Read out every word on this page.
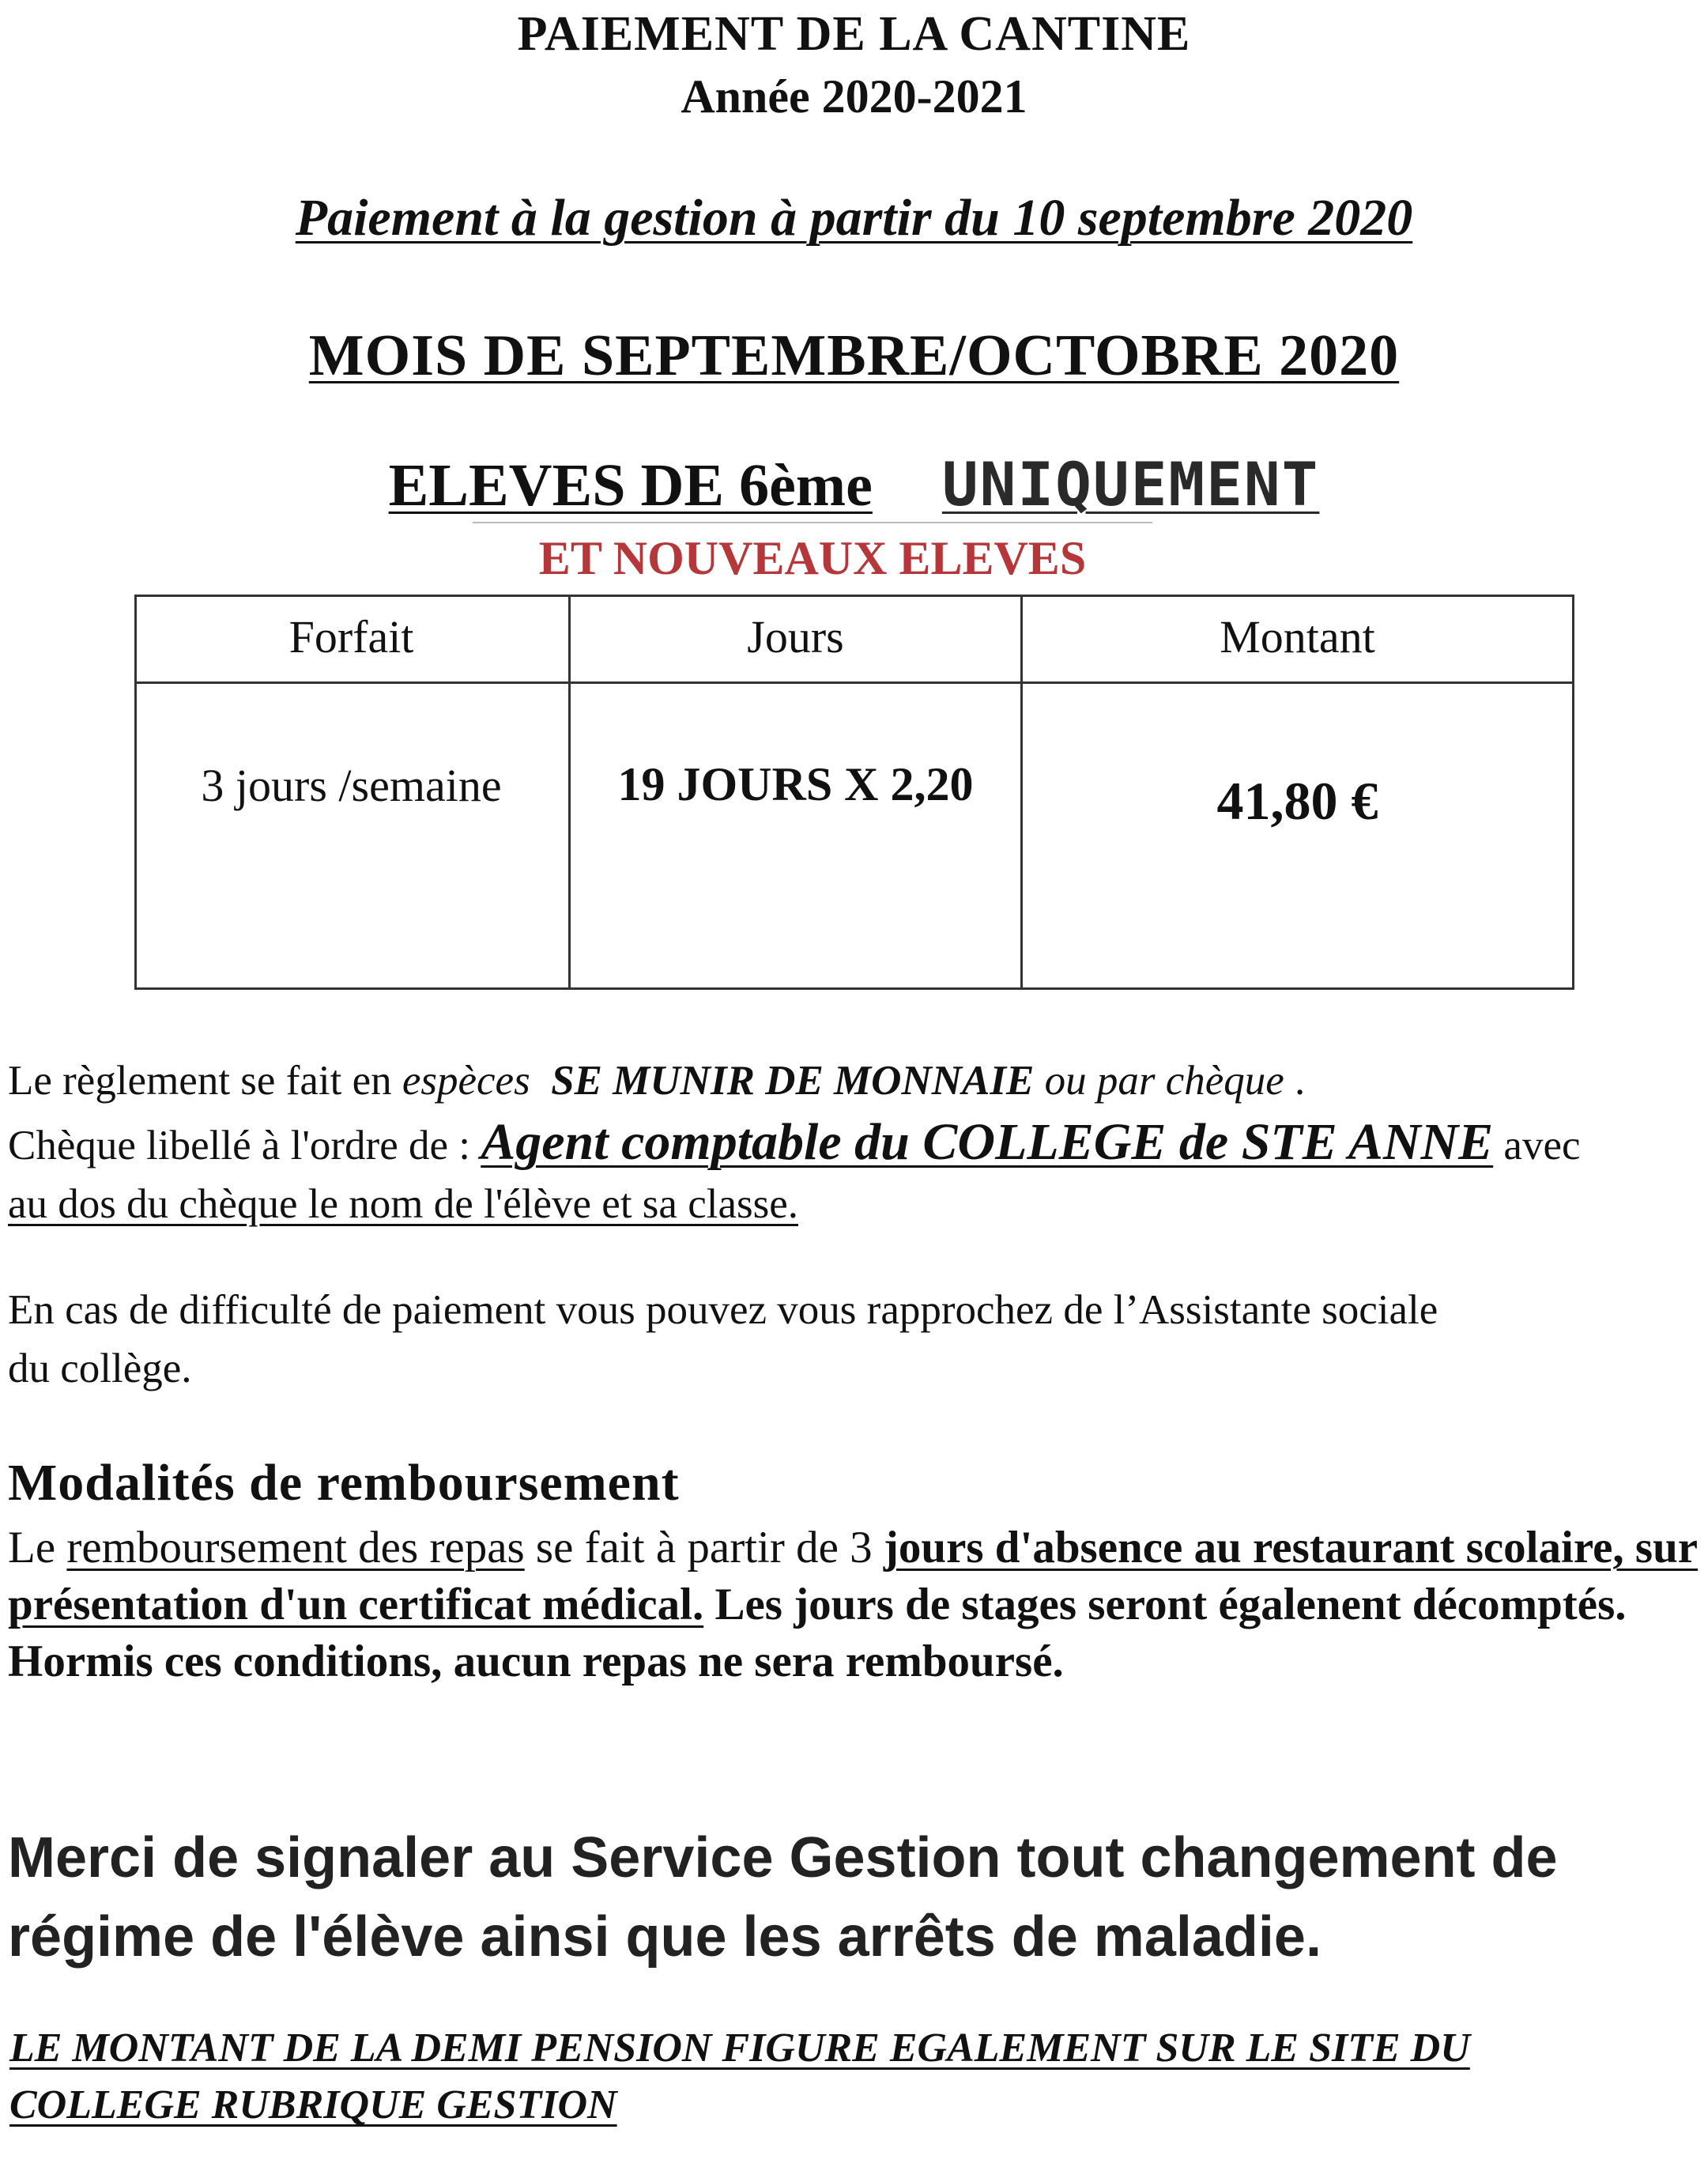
PAIEMENT DE LA CANTINE
Année 2020-2021
Paiement à la gestion à partir du 10 septembre 2020
MOIS DE SEPTEMBRE/OCTOBRE 2020
ELEVES DE 6ème UNIQUEMENT
ET NOUVEAUX ELEVES
Forfait	Jours	Montant
3 jours /semaine	19 JOURS X 2,20	41,80 €
Le règlement se fait en espèces SE MUNIR DE MONNAIE ou par chèque .
Chèque libellé à l'ordre de : Agent comptable du COLLEGE de STE ANNE avec
au dos du chèque le nom de l'élève et sa classe.
En cas de difficulté de paiement vous pouvez vous rapprochez de l’Assistante sociale
du collège.
Modalités de remboursement
Le remboursement des repas se fait à partir de 3 jours d'absence au restaurant scolaire, sur présentation d'un certificat médical. Les jours de stages seront égalenent décomptés.
Hormis ces conditions, aucun repas ne sera remboursé.
Merci de signaler au Service Gestion tout changement de
régime de l'élève ainsi que les arrêts de maladie.
LE MONTANT DE LA DEMI PENSION FIGURE EGALEMENT SUR LE SITE DU
COLLEGE RUBRIQUE GESTION
